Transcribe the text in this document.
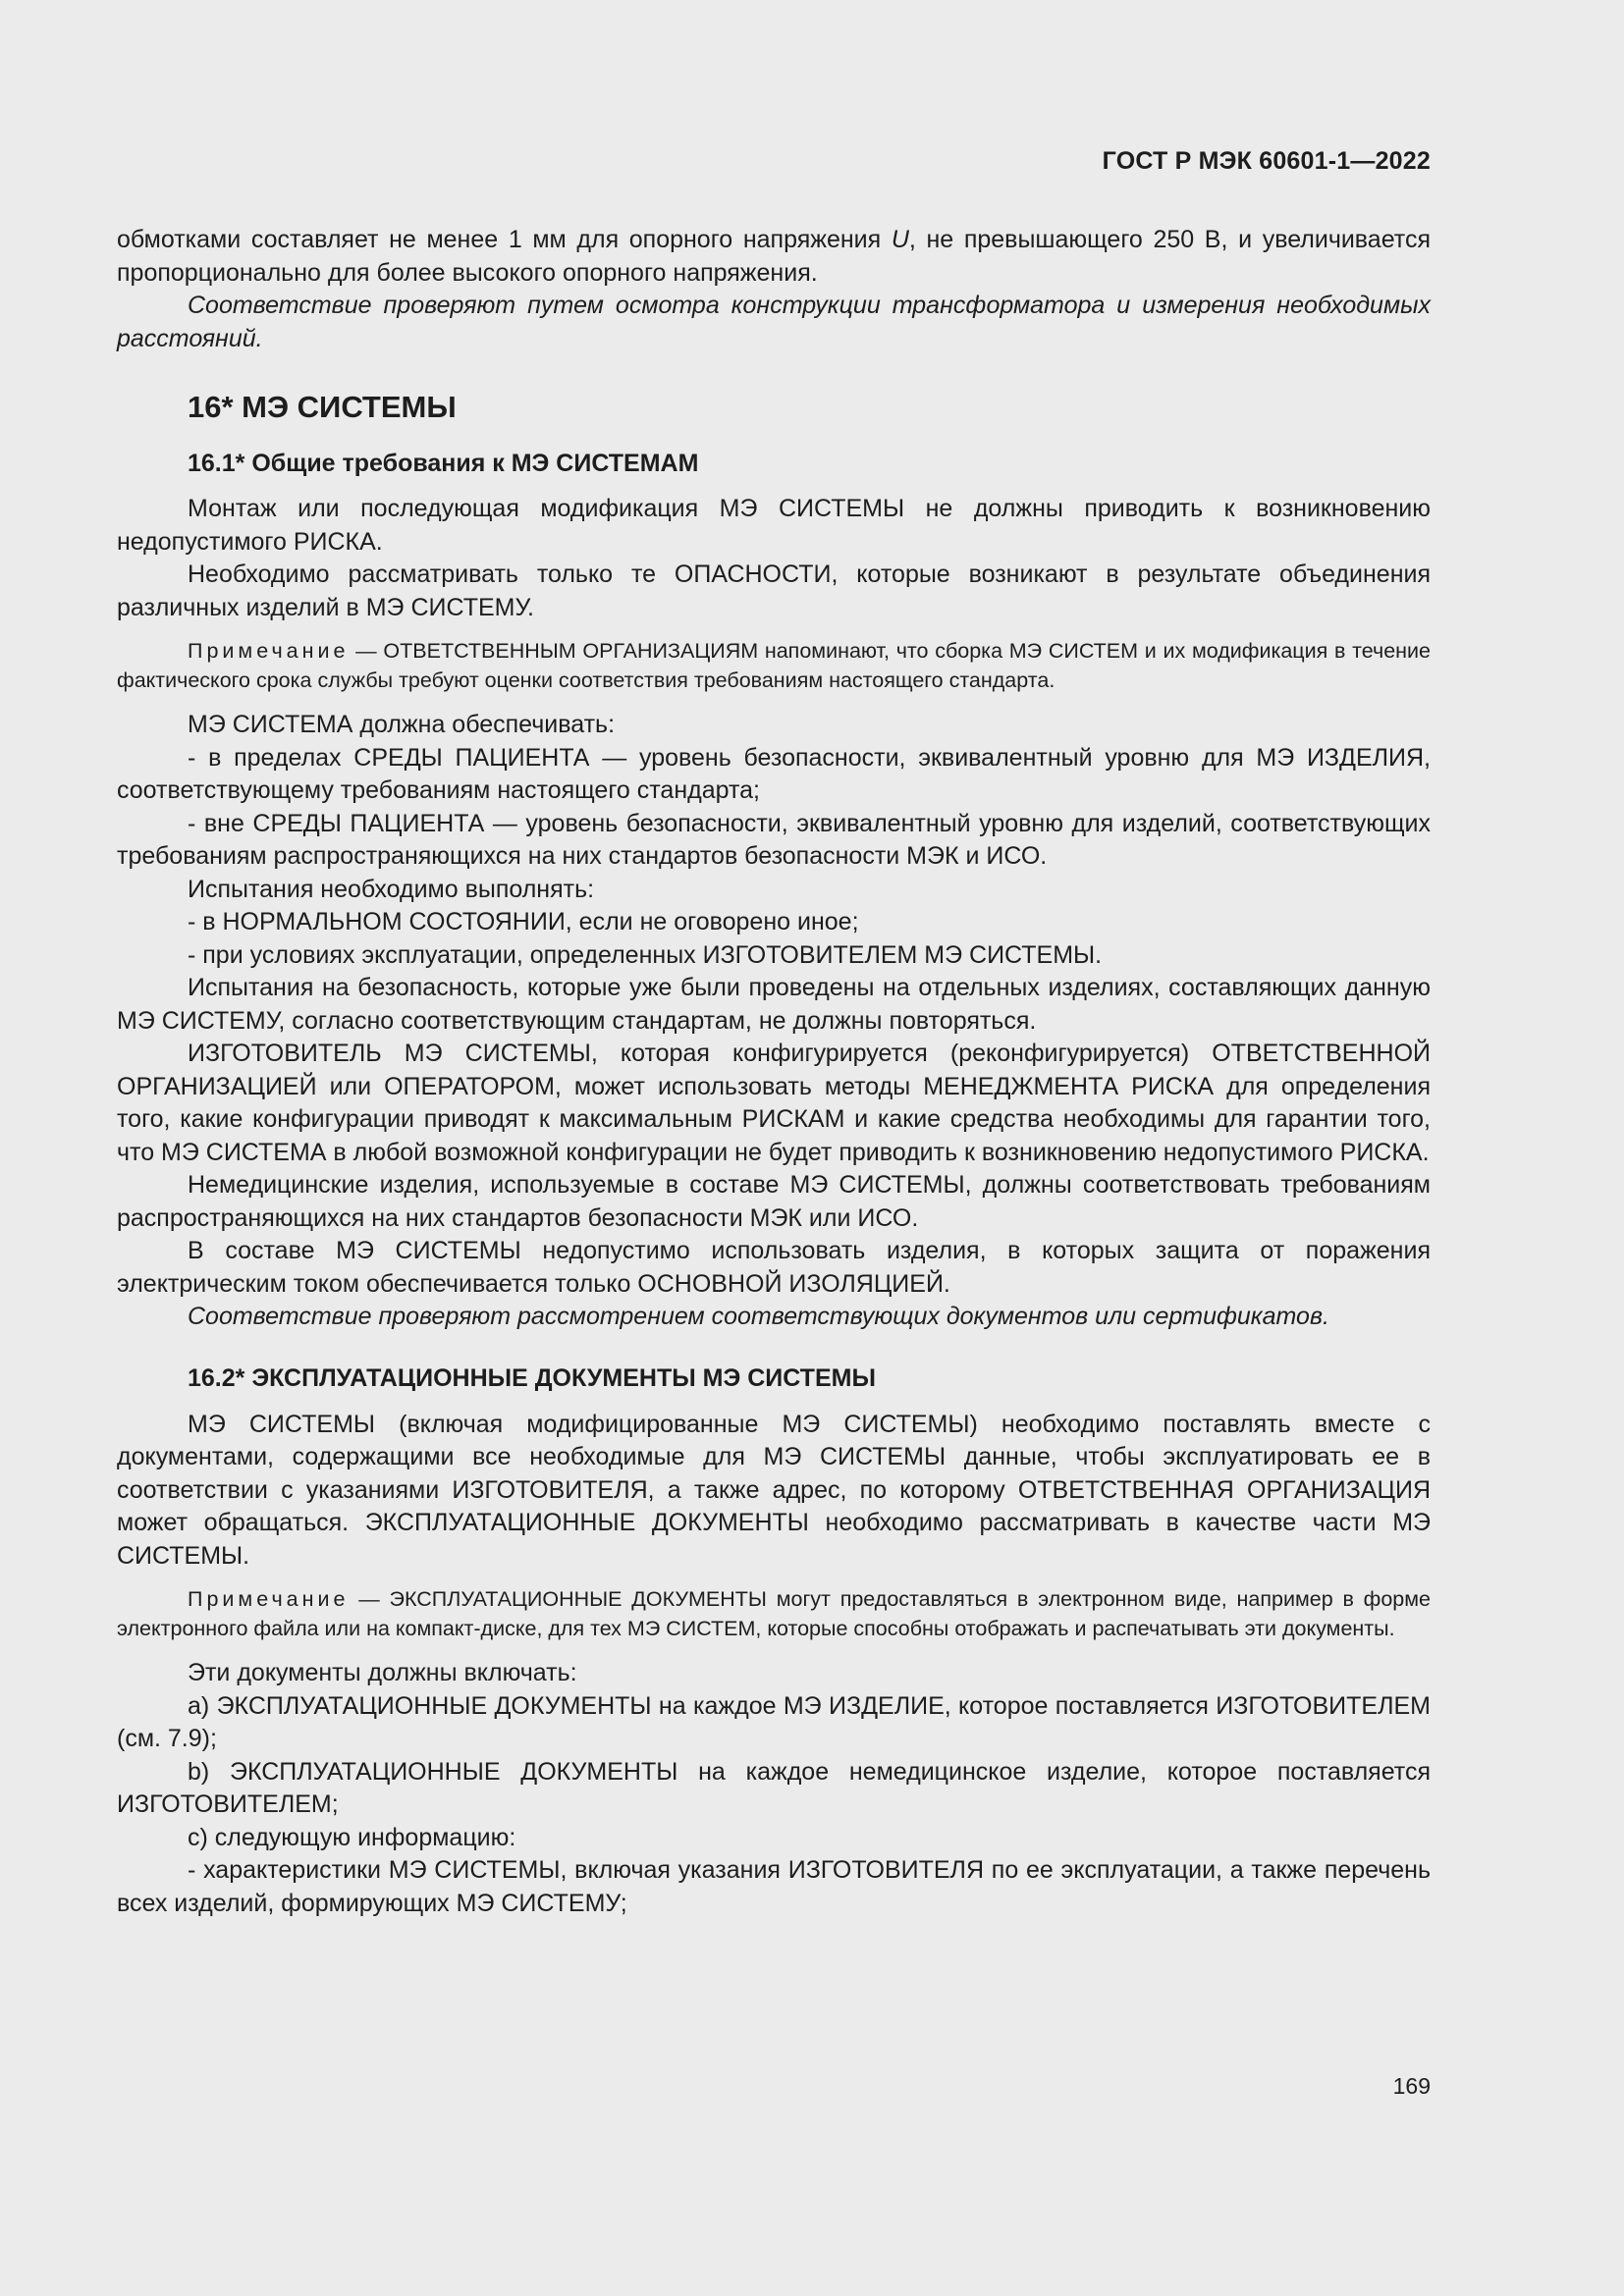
ГОСТ Р МЭК 60601-1—2022

обмотками составляет не менее 1 мм для опорного напряжения U, не превышающего 250 В, и увеличивается пропорционально для более высокого опорного напряжения.

Соответствие проверяют путем осмотра конструкции трансформатора и измерения необходимых расстояний.

16* МЭ СИСТЕМЫ
16.1* Общие требования к МЭ СИСТЕМАМ

Монтаж или последующая модификация МЭ СИСТЕМЫ не должны приводить к возникновению недопустимого РИСКА.

Необходимо рассматривать только те ОПАСНОСТИ, которые возникают в результате объединения различных изделий в МЭ СИСТЕМУ.

Примечание — ОТВЕТСТВЕННЫМ ОРГАНИЗАЦИЯМ напоминают, что сборка МЭ СИСТЕМ и их модификация в течение фактического срока службы требуют оценки соответствия требованиям настоящего стандарта.

МЭ СИСТЕМА должна обеспечивать:

- в пределах СРЕДЫ ПАЦИЕНТА — уровень безопасности, эквивалентный уровню для МЭ ИЗДЕЛИЯ, соответствующему требованиям настоящего стандарта;

- вне СРЕДЫ ПАЦИЕНТА — уровень безопасности, эквивалентный уровню для изделий, соответствующих требованиям распространяющихся на них стандартов безопасности МЭК и ИСО.

Испытания необходимо выполнять:

- в НОРМАЛЬНОМ СОСТОЯНИИ, если не оговорено иное;

- при условиях эксплуатации, определенных ИЗГОТОВИТЕЛЕМ МЭ СИСТЕМЫ.

Испытания на безопасность, которые уже были проведены на отдельных изделиях, составляющих данную МЭ СИСТЕМУ, согласно соответствующим стандартам, не должны повторяться.

ИЗГОТОВИТЕЛЬ МЭ СИСТЕМЫ, которая конфигурируется (реконфигурируется) ОТВЕТСТВЕННОЙ ОРГАНИЗАЦИЕЙ или ОПЕРАТОРОМ, может использовать методы МЕНЕДЖМЕНТА РИСКА для определения того, какие конфигурации приводят к максимальным РИСКАМ и какие средства необходимы для гарантии того, что МЭ СИСТЕМА в любой возможной конфигурации не будет приводить к возникновению недопустимого РИСКА.

Немедицинские изделия, используемые в составе МЭ СИСТЕМЫ, должны соответствовать требованиям распространяющихся на них стандартов безопасности МЭК или ИСО.

В составе МЭ СИСТЕМЫ недопустимо использовать изделия, в которых защита от поражения электрическим током обеспечивается только ОСНОВНОЙ ИЗОЛЯЦИЕЙ.

Соответствие проверяют рассмотрением соответствующих документов или сертификатов.

16.2* ЭКСПЛУАТАЦИОННЫЕ ДОКУМЕНТЫ МЭ СИСТЕМЫ

МЭ СИСТЕМЫ (включая модифицированные МЭ СИСТЕМЫ) необходимо поставлять вместе с документами, содержащими все необходимые для МЭ СИСТЕМЫ данные, чтобы эксплуатировать ее в соответствии с указаниями ИЗГОТОВИТЕЛЯ, а также адрес, по которому ОТВЕТСТВЕННАЯ ОРГАНИЗАЦИЯ может обращаться. ЭКСПЛУАТАЦИОННЫЕ ДОКУМЕНТЫ необходимо рассматривать в качестве части МЭ СИСТЕМЫ.

Примечание — ЭКСПЛУАТАЦИОННЫЕ ДОКУМЕНТЫ могут предоставляться в электронном виде, например в форме электронного файла или на компакт-диске, для тех МЭ СИСТЕМ, которые способны отображать и распечатывать эти документы.

Эти документы должны включать:

a) ЭКСПЛУАТАЦИОННЫЕ ДОКУМЕНТЫ на каждое МЭ ИЗДЕЛИЕ, которое поставляется ИЗГОТОВИТЕЛЕМ (см. 7.9);

b) ЭКСПЛУАТАЦИОННЫЕ ДОКУМЕНТЫ на каждое немедицинское изделие, которое поставляется ИЗГОТОВИТЕЛЕМ;

c) следующую информацию:

- характеристики МЭ СИСТЕМЫ, включая указания ИЗГОТОВИТЕЛЯ по ее эксплуатации, а также перечень всех изделий, формирующих МЭ СИСТЕМУ;

169
